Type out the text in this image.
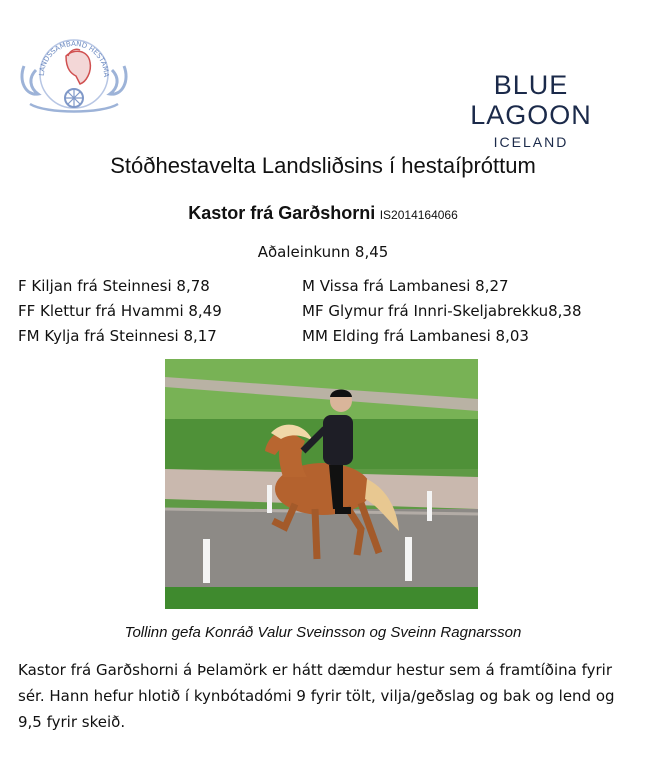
LANDSSAMBAND HESTAMA	BLUE LAGOON
ICELAND
Stóðhestavelta Landsliðsins í hestaíþróttum
Kastor frá Garðshorni IS2014164066
Aðaleinkunn 8,45
F Kiljan frá Steinnesi 8,78
FF Klettur frá Hvammi 8,49
FM Kylja frá Steinnesi 8,17
M Vissa frá Lambanesi 8,27
MF Glymur frá Innri-Skeljabrekku8,38
MM Elding frá Lambanesi 8,03
Tollinn gefa Konráð Valur Sveinsson og Sveinn Ragnarsson
Kastor frá Garðshorni á Þelamörk er hátt dæmdur hestur sem á framtíðina fyrir
sér. Hann hefur hlotið í kynbótadómi 9 fyrir tölt, vilja/geðslag og bak og lend og
9,5 fyrir skeið.
